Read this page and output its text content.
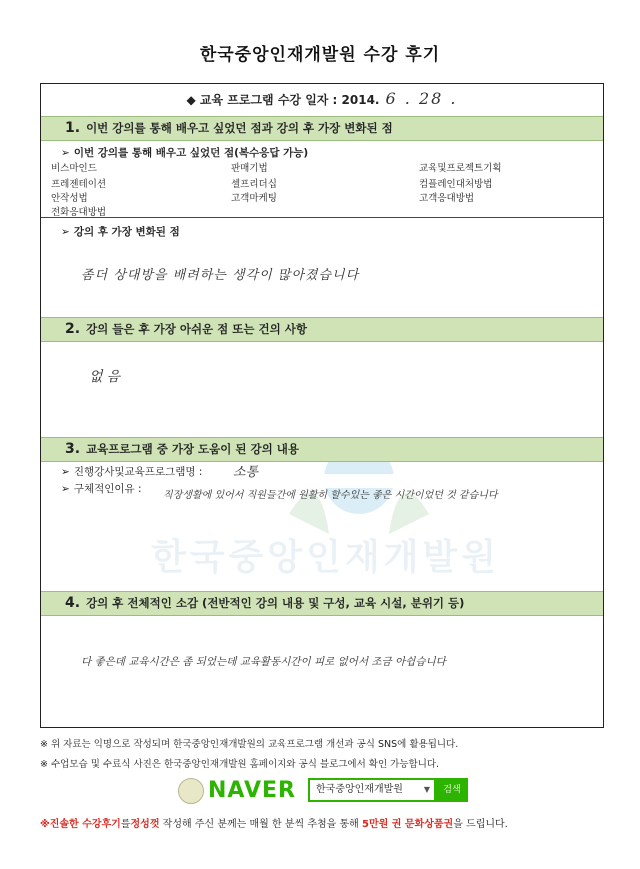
한국중앙인재개발원 수강 후기
한국중앙인재개발원
◆ 교육 프로그램 수강 일자 : 2014. 6 . 28 .
1. 이번 강의를 통해 배우고 싶었던 점과 강의 후 가장 변화된 점
➢ 이번 강의를 통해 배우고 싶었던 점(복수응답 가능)
비스마인드	판매기법	교육및프로젝트기획
프레젠테이션	셀프리더십	컴플레인대처방법
안작성법	고객마케팅	고객응대방법
전화응대방법
➢ 강의 후 가장 변화된 점
좀더 상대방을 배려하는 생각이 많아졌습니다
2. 강의 들은 후 가장 아쉬운 점 또는 건의 사항
없음
3. 교육프로그램 중 가장 도움이 된 강의 내용
➢ 진행강사및교육프로그램명 : 소통
➢ 구체적인이유 :
직장생활에 있어서 직원들간에 원활히 할수있는 좋은 시간이었던 것 같습니다
4. 강의 후 전체적인 소감 (전반적인 강의 내용 및 구성, 교육 시설, 분위기 등)
다 좋은데 교육시간은 좀 되었는데 교육활동시간이 피로 없어서 조금 아쉽습니다
※ 위 자료는 익명으로 작성되며 한국중앙인재개발원의 교육프로그램 개선과 공식 SNS에 활용됩니다.
※ 수업모습 및 수료식 사진은 한국중앙인재개발원 홈페이지와 공식 블로그에서 확인 가능합니다.
NAVER	한국중앙인재개발원	▼	검색
※진솔한 수강후기를정성껏 작성해 주신 분께는 매월 한 분씩 추첨을 통해 5만원 권 문화상품권을 드립니다.
